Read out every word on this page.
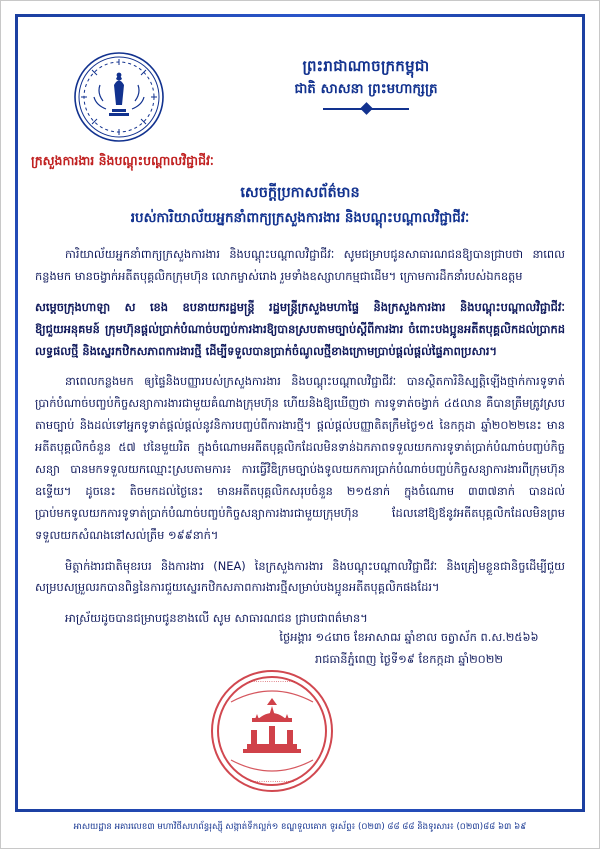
ព្រះរាជាណាចក្រកម្ពុជា
ជាតិ សាសនា ព្រះមហាក្សត្រ
ក្រសួងការងារ និងបណ្ដុះបណ្ដាលវិជ្ជាជីវៈ
សេចក្ដីប្រកាសព័ត៌មាន
របស់ការិយាល័យអ្នកនាំពាក្យក្រសួងការងារ និងបណ្ដុះបណ្ដាលវិជ្ជាជីវៈ

ការិយាល័យអ្នកនាំពាក្យក្រសួងការងារ និងបណ្ដុះបណ្ដាលវិជ្ជាជីវៈ សូមជម្រាបជូនសាធារណជនឱ្យបានជ្រាបថា នាពេលកន្លងមក មានចង្វាក់អតីតបុគ្គលិកក្រុមហ៊ុន លោកម្ចាស់រោង រួមទាំងឧស្សាហកម្មជាដើម។ ក្រោមការដឹកនាំរបស់ឯកឧត្តម

សម្ដេចក្រុងហាឡា ស ខេង ឧបនាយករដ្ឋមន្ត្រី រដ្ឋមន្ត្រីក្រសួងមហាផ្ទៃ និងក្រសួងការងារ និងបណ្ដុះបណ្ដាលវិជ្ជាជីវៈ ឱ្យជួយអនុគមន៍ ក្រុមហ៊ុនផ្ដល់ប្រាក់បំណាច់បញ្ចប់ការងារឱ្យបានស្របតាមច្បាប់ស្ដីពីការងារ ចំពោះបងប្អូនអតីតបុគ្គលិកដល់ប្រាកដលទ្ធផលថ្មី និងស្នេរកឋិកសភាពការងារថ្មី ដើម្បីទទួលបានប្រាក់ចំណូលថ្មីខាងក្រោមប្រាប់ផ្ដល់ផ្ដល់ផ្ទៃភាពប្រសារ។

នាពេលកន្លងមក ឲ្យផ្ទៃនិងបញ្ញារបស់ក្រសួងការងារ និងបណ្ដុះបណ្ដាលវិជ្ជាជីវៈ បានស្ថិតការិនិស្បត្តិឡើងថ្មាក់ការទូទាត់ប្រាក់បំណាច់បញ្ចប់កិច្ចសន្យាការងារជាមួយគំណាងក្រុមហ៊ុន ហើយនិងឱ្យឃើញថា ការទូទាត់ចង្វាក់ ៤៥លាន គឺបានត្រឹមត្រូវស្របតាមច្បាប់ និងដល់ទៅអ្នកទូទាត់ផ្ដល់ផ្ដល់នូវនិការបញ្ចប់ពីការងារថ្មី។ ផ្ដល់ផ្ដល់បញ្ញាតិតក្រឹមថ្ងៃ១៥ នៃកក្កដា ឆ្នាំ២០២២នេះ មានអតីតបុគ្គលិកចំនួន ៥៧ ឋនៃមួយរិត ក្នុងចំណោមអតីតបុគ្គលិកដែលមិនទាន់ឯកភាពទទួលយកការទូទាត់ប្រាក់បំណាច់បញ្ចប់កិច្ចសន្យា បានមកទទួលយកឈ្មោះស្របតាមការ៖ ការធ្វើវិឌិក្រមច្បាប់ងទូលយកការប្រាក់បំណាច់បញ្ចប់កិច្ចសន្យាការងារពីក្រុមហ៊ុនឧទ្ទើយ។ ដូចនេះ តិចមកដល់ថ្ងៃនេះ មានអតីតបុគ្គលិកសរុបចំនួន ២១៥នាក់ ក្នុងចំណោម ៣៣៧នាក់ បានដល់ប្រាប់មកទូលយកការទូទាត់ប្រាក់បំណាច់បញ្ចប់កិច្ចសន្យាការងារជាមួយក្រុមហ៊ុន ដែលនៅឱ្យឪនូវអតីតបុគ្គលិកដែលមិនព្រមទទួលយកសំណងនៅសល់ត្រឹម ១៩៩នាក់។

មិត្តាក់ងារជាតិមុខរបរ និងការងារ (NEA) នៃក្រសួងការងារ និងបណ្ដុះបណ្ដាលវិជ្ជាជីវៈ និងគ្រៀមខ្លួនជានិច្ចដើម្បីជួយសម្របសម្រួលរកបានពិន្ធនៃការជួយស្នេរកឋិកសភាពការងារថ្មីសម្រាប់បងប្អូនអតីតបុគ្គលិកផងដែរ។

អាស្រ័យដូចបានជម្រាបជូនខាងលើ សូម សាធារណជន ជ្រាបជាពត៌មាន។

ថ្ងៃអង្គារ ១៤រោច ខែអាសាឍ ឆ្នាំខាល ចត្វាស័ក ព.ស.២៥៦៦
រាជធានីភ្នំពេញ ថ្ងៃទី១៩ ខែកក្កដា ឆ្នាំ២០២២
·····················
····················
អាសយដ្ឋាន អគារលេខ៣ មហាវិថីសហព័ន្ធរុស្ស៊ី សង្កាត់ទឹកល្អក់១ ខណ្ឌទួលគោក ទូរស័ព្ទ៖ (០២៣) ៨៨ ៨៨ និងទូរសារ៖ (០២៣)៨៨ ៦៣ ៦៩
